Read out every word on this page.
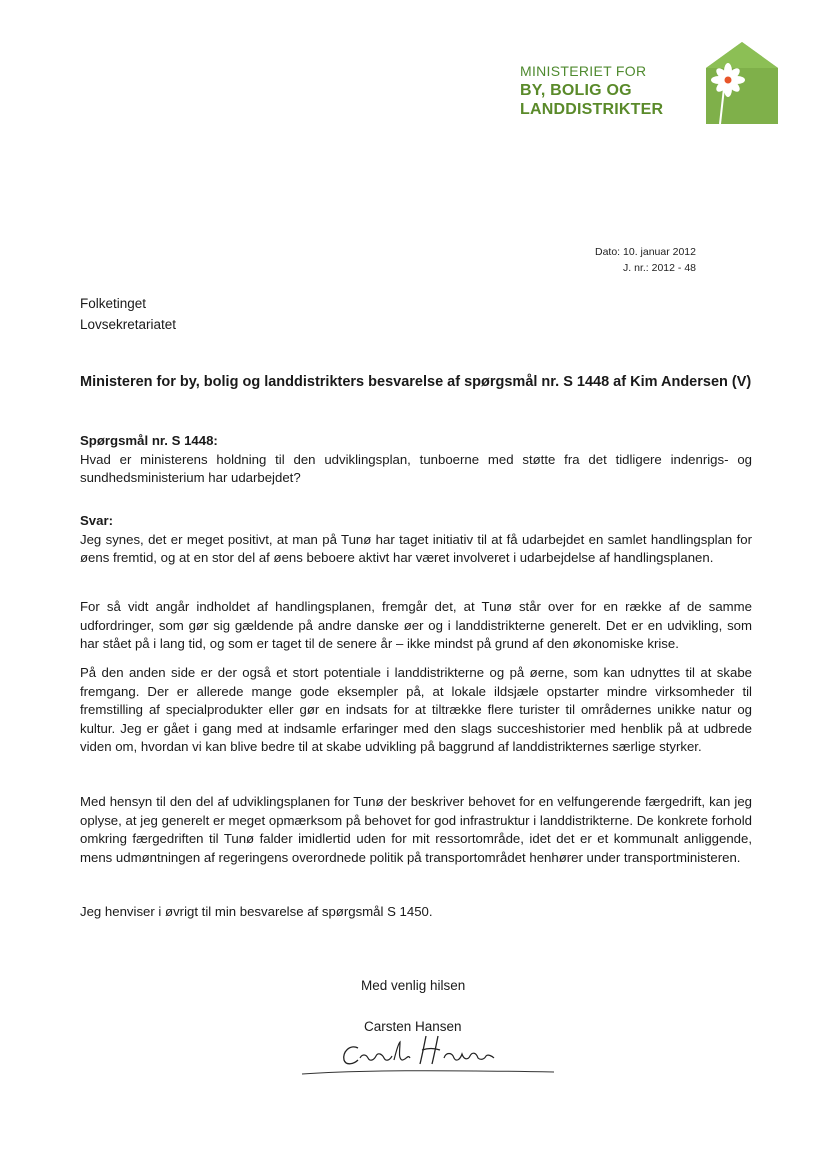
MINISTERIET FOR
BY, BOLIG OG
LANDDISTRIKTER
Dato: 10. januar 2012
J. nr.: 2012 - 48
Folketinget
Lovsekretariatet
Ministeren for by, bolig og landdistrikters besvarelse af spørgsmål nr. S 1448 af Kim Andersen (V)
Spørgsmål nr. S 1448:

Hvad er ministerens holdning til den udviklingsplan, tunboerne med støtte fra det tidligere indenrigs- og sundhedsministerium har udarbejdet?

Svar:

Jeg synes, det er meget positivt, at man på Tunø har taget initiativ til at få udarbejdet en samlet handlingsplan for øens fremtid, og at en stor del af øens beboere aktivt har været involveret i udarbejdelse af handlingsplanen.

For så vidt angår indholdet af handlingsplanen, fremgår det, at Tunø står over for en række af de samme udfordringer, som gør sig gældende på andre danske øer og i landdistrikterne generelt. Det er en udvikling, som har stået på i lang tid, og som er taget til de senere år – ikke mindst på grund af den økonomiske krise.

På den anden side er der også et stort potentiale i landdistrikterne og på øerne, som kan udnyttes til at skabe fremgang. Der er allerede mange gode eksempler på, at lokale ildsjæle opstarter mindre virksomheder til fremstilling af specialprodukter eller gør en indsats for at tiltrække flere turister til områdernes unikke natur og kultur. Jeg er gået i gang med at indsamle erfaringer med den slags succeshistorier med henblik på at udbrede viden om, hvordan vi kan blive bedre til at skabe udvikling på baggrund af landdistrikternes særlige styrker.

Med hensyn til den del af udviklingsplanen for Tunø der beskriver behovet for en velfungerende færgedrift, kan jeg oplyse, at jeg generelt er meget opmærksom på behovet for god infrastruktur i landdistrikterne. De konkrete forhold omkring færgedriften til Tunø falder imidlertid uden for mit ressortområde, idet det er et kommunalt anliggende, mens udmøntningen af regeringens overordnede politik på transportområdet henhører under transportministeren.

Jeg henviser i øvrigt til min besvarelse af spørgsmål S 1450.

Med venlig hilsen
Carsten Hansen
